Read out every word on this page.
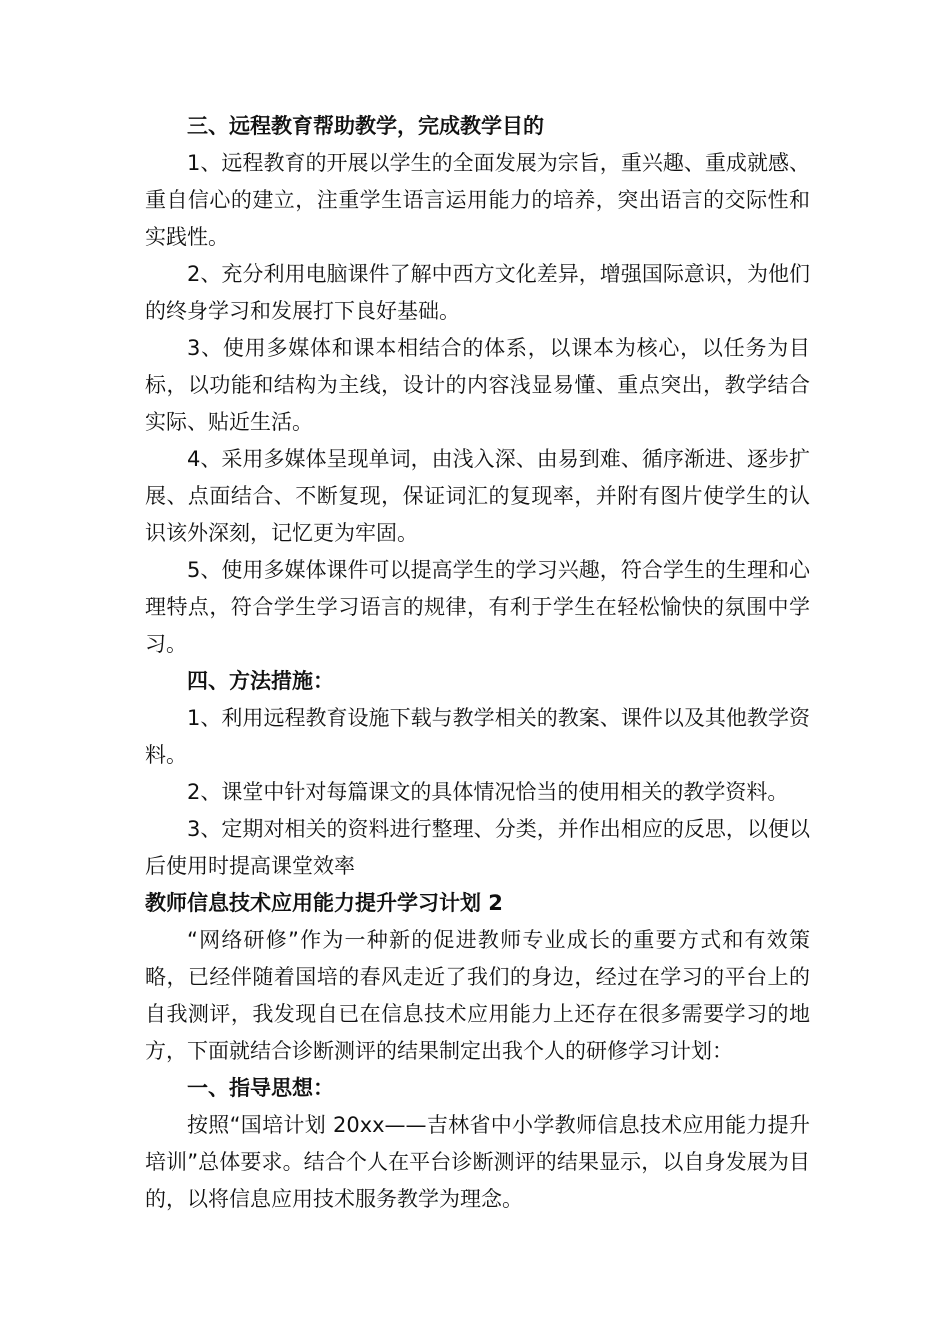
三、远程教育帮助教学，完成教学目的

1、远程教育的开展以学生的全面发展为宗旨，重兴趣、重成就感、重自信心的建立，注重学生语言运用能力的培养，突出语言的交际性和实践性。

2、充分利用电脑课件了解中西方文化差异，增强国际意识，为他们的终身学习和发展打下良好基础。

3、使用多媒体和课本相结合的体系，以课本为核心，以任务为目标，以功能和结构为主线，设计的内容浅显易懂、重点突出，教学结合实际、贴近生活。

4、采用多媒体呈现单词，由浅入深、由易到难、循序渐进、逐步扩展、点面结合、不断复现，保证词汇的复现率，并附有图片使学生的认识该外深刻，记忆更为牢固。

5、使用多媒体课件可以提高学生的学习兴趣，符合学生的生理和心理特点，符合学生学习语言的规律，有利于学生在轻松愉快的氛围中学习。

四、方法措施：

1、利用远程教育设施下载与教学相关的教案、课件以及其他教学资料。

2、课堂中针对每篇课文的具体情况恰当的使用相关的教学资料。

3、定期对相关的资料进行整理、分类，并作出相应的反思，以便以后使用时提高课堂效率

教师信息技术应用能力提升学习计划 2

“网络研修”作为一种新的促进教师专业成长的重要方式和有效策略，已经伴随着国培的春风走近了我们的身边，经过在学习的平台上的自我测评，我发现自已在信息技术应用能力上还存在很多需要学习的地方，下面就结合诊断测评的结果制定出我个人的研修学习计划：

一、指导思想：

按照“国培计划 20xx——吉林省中小学教师信息技术应用能力提升培训”总体要求。结合个人在平台诊断测评的结果显示，以自身发展为目的，以将信息应用技术服务教学为理念。
